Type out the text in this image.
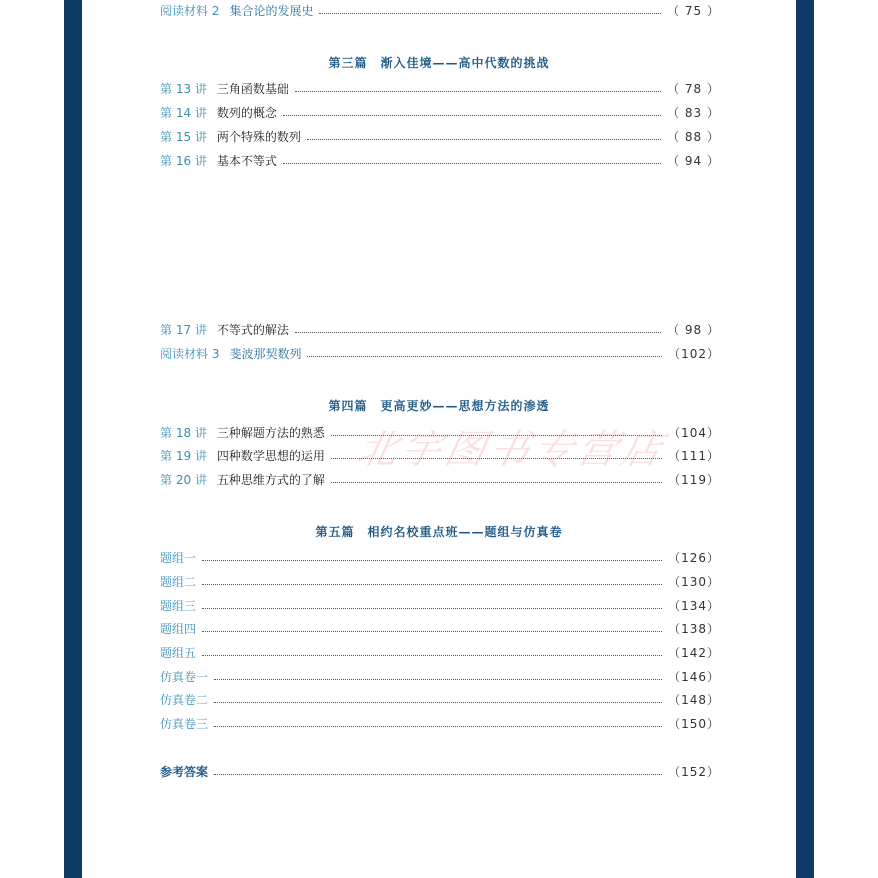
阅读材料 2 集合论的发展史	（ 75 ）
第三篇　渐入佳境——高中代数的挑战
第 13 讲 三角函数基础	（ 78 ）
第 14 讲 数列的概念	（ 83 ）
第 15 讲 两个特殊的数列	（ 88 ）
第 16 讲 基本不等式	（ 94 ）
第 17 讲 不等式的解法	（ 98 ）
阅读材料 3 斐波那契数列	（102）
第四篇　更高更妙——思想方法的渗透
第 18 讲 三种解题方法的熟悉	（104）
第 19 讲 四种数学思想的运用	（111）
第 20 讲 五种思维方式的了解	（119）
第五篇　相约名校重点班——题组与仿真卷
题组一	（126）
题组二	（130）
题组三	（134）
题组四	（138）
题组五	（142）
仿真卷一	（146）
仿真卷二	（148）
仿真卷三	（150）
参考答案	（152）
北宇图书专营店
